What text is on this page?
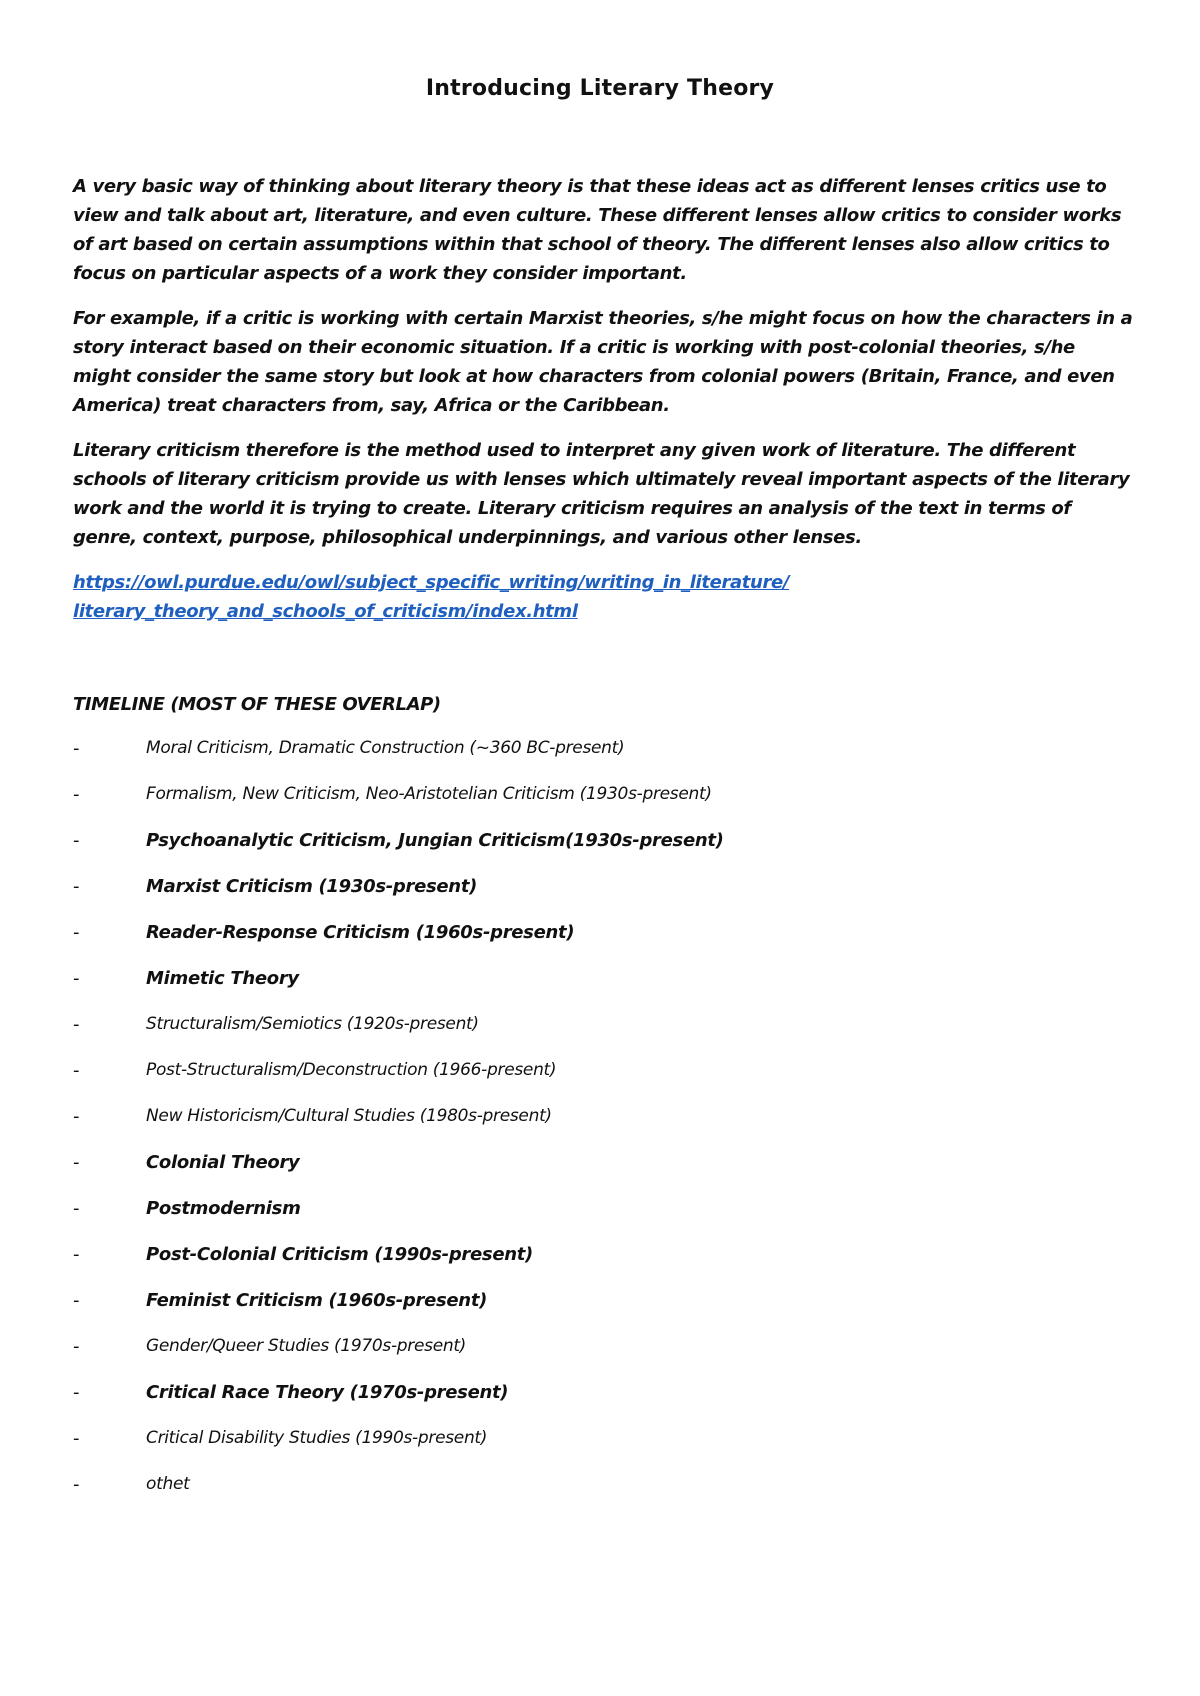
Introducing Literary Theory

A very basic way of thinking about literary theory is that these ideas act as different lenses critics use to view and talk about art, literature, and even culture. These different lenses allow critics to consider works of art based on certain assumptions within that school of theory. The different lenses also allow critics to focus on particular aspects of a work they consider important.

For example, if a critic is working with certain Marxist theories, s/he might focus on how the characters in a story interact based on their economic situation. If a critic is working with post-colonial theories, s/he might consider the same story but look at how characters from colonial powers (Britain, France, and even America) treat characters from, say, Africa or the Caribbean.

Literary criticism therefore is the method used to interpret any given work of literature. The different schools of literary criticism provide us with lenses which ultimately reveal important aspects of the literary work and the world it is trying to create. Literary criticism requires an analysis of the text in terms of genre, context, purpose, philosophical underpinnings, and various other lenses.

https://owl.purdue.edu/owl/subject_specific_writing/writing_in_literature/
literary_theory_and_schools_of_criticism/index.html

TIMELINE (MOST OF THESE OVERLAP)
-	Moral Criticism, Dramatic Construction (~360 BC-present)
-	Formalism, New Criticism, Neo-Aristotelian Criticism (1930s-present)
-	Psychoanalytic Criticism, Jungian Criticism(1930s-present)
-	Marxist Criticism (1930s-present)
-	Reader-Response Criticism (1960s-present)
-	Mimetic Theory
-	Structuralism/Semiotics (1920s-present)
-	Post-Structuralism/Deconstruction (1966-present)
-	New Historicism/Cultural Studies (1980s-present)
-	Colonial Theory
-	Postmodernism
-	Post-Colonial Criticism (1990s-present)
-	Feminist Criticism (1960s-present)
-	Gender/Queer Studies (1970s-present)
-	Critical Race Theory (1970s-present)
-	Critical Disability Studies (1990s-present)
-	othet
